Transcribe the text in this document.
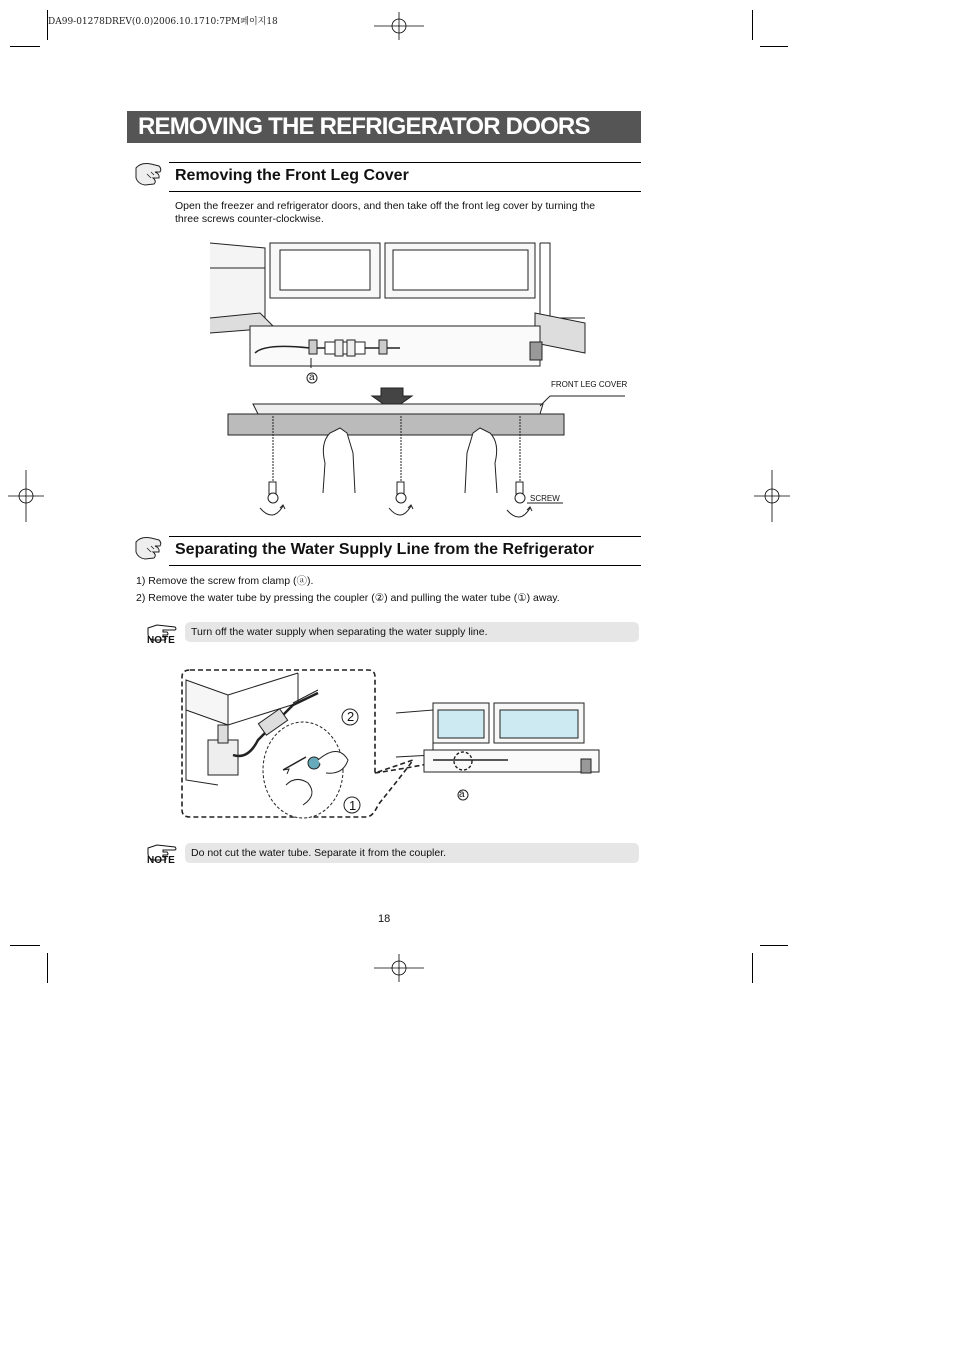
DA99-01278DREV(0.0)2006.10.1710:7PM페이지18
REMOVING THE REFRIGERATOR DOORS
Removing the Front Leg Cover
Open the freezer and refrigerator doors, and then take off the front leg cover by turning the
three screws counter-clockwise.
a
FRONT LEG COVER
SCREW
Separating the Water Supply Line from the Refrigerator
1) Remove the screw from clamp (ⓐ).
2) Remove the water tube by pressing the coupler (②) and pulling the water tube (①) away.
NOTE
Turn off the water supply when separating the water supply line.
2
1
a
NOTE
Do not cut the water tube. Separate it from the coupler.
18
